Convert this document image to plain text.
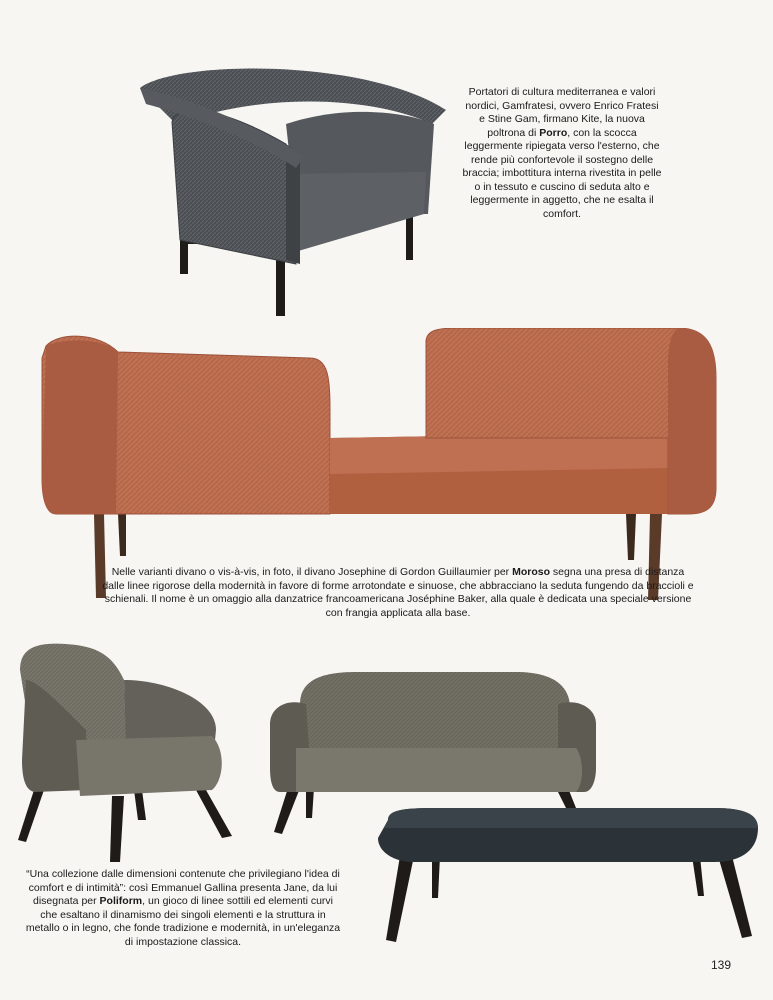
Portatori di cultura mediterranea e valori nordici, Gamfratesi, ovvero Enrico Fratesi e Stine Gam, firmano Kite, la nuova poltrona di Porro, con la scocca leggermente ripiegata verso l'esterno, che rende più confortevole il sostegno delle braccia; imbottitura interna rivestita in pelle o in tessuto e cuscino di seduta alto e leggermente in aggetto, che ne esalta il comfort.

Nelle varianti divano o vis-à-vis, in foto, il divano Josephine di Gordon Guillaumier per Moroso segna una presa di distanza dalle linee rigorose della modernità in favore di forme arrotondate e sinuose, che abbracciano la seduta fungendo da braccioli e schienali. Il nome è un omaggio alla danzatrice francoamericana Joséphine Baker, alla quale è dedicata una speciale versione con frangia applicata alla base.

“Una collezione dalle dimensioni contenute che privilegiano l'idea di comfort e di intimità”: così Emmanuel Gallina presenta Jane, da lui disegnata per Poliform, un gioco di linee sottili ed elementi curvi che esaltano il dinamismo dei singoli elementi e la struttura in metallo o in legno, che fonde tradizione e modernità, in un'eleganza di impostazione classica.

139
